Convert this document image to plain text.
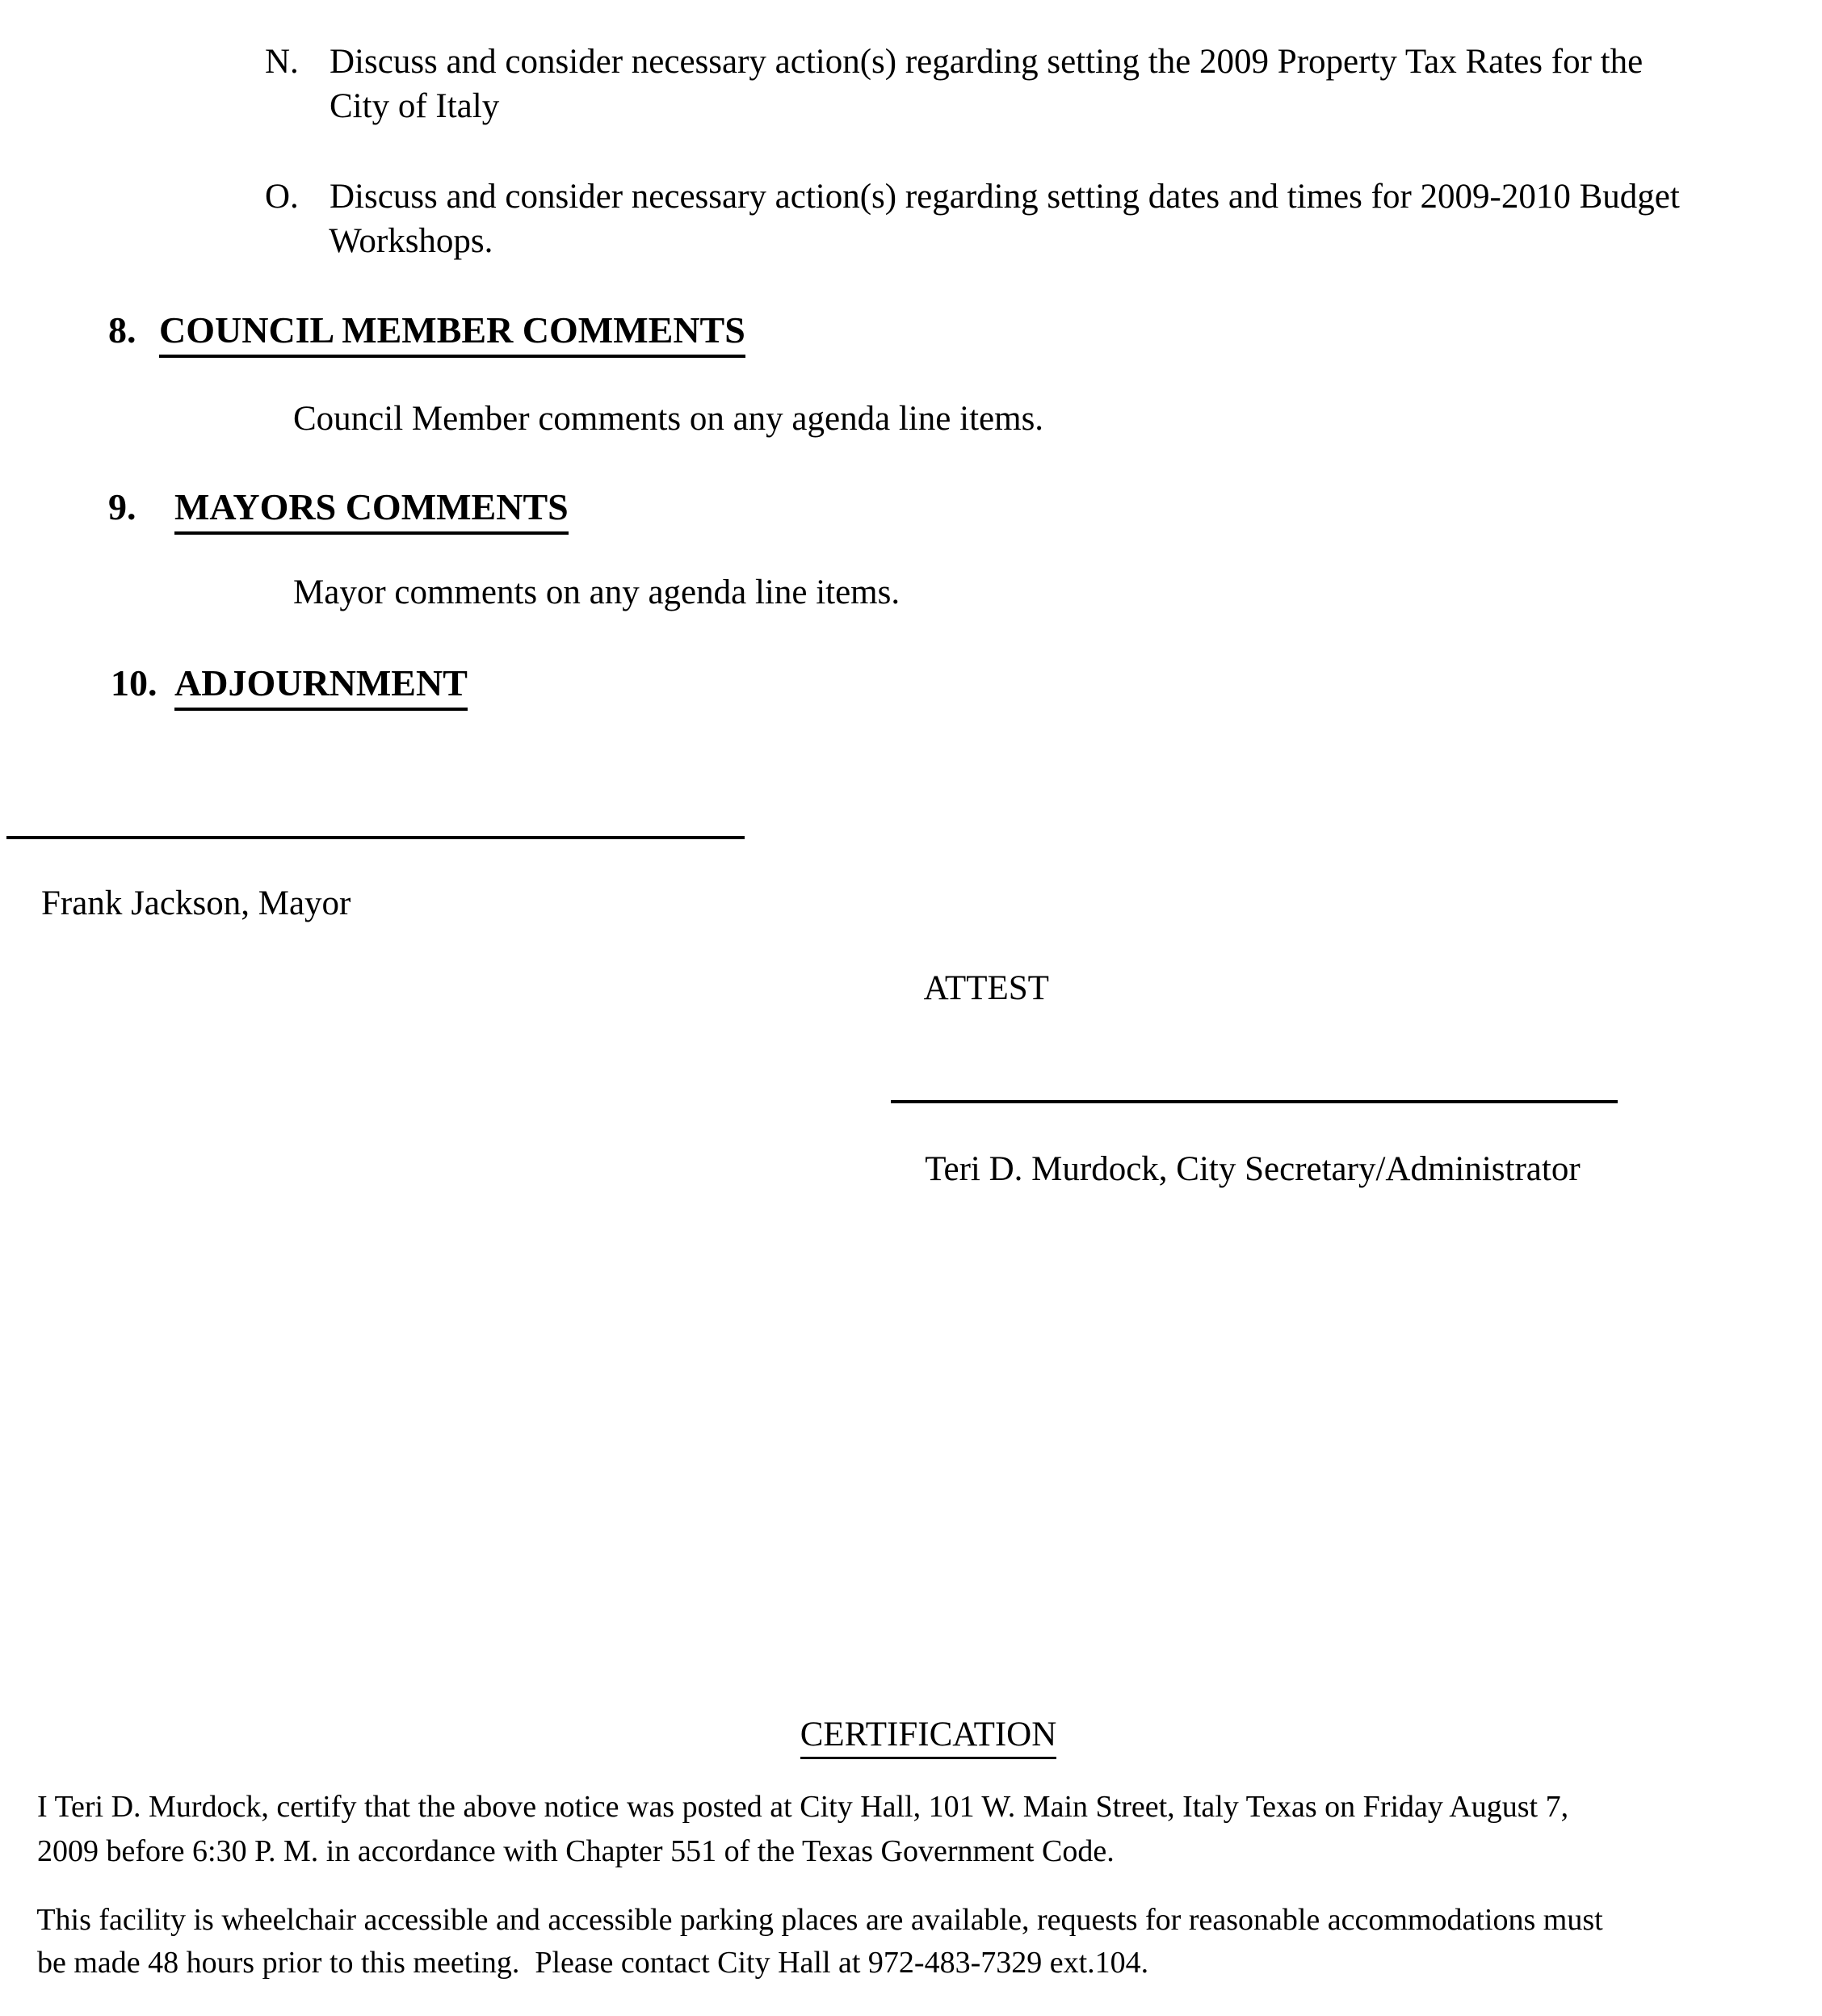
N. Discuss and consider necessary action(s) regarding setting the 2009 Property Tax Rates for the

City of Italy

O. Discuss and consider necessary action(s) regarding setting dates and times for 2009-2010 Budget

Workshops.

8. COUNCIL MEMBER COMMENTS

Council Member comments on any agenda line items.

9. MAYORS COMMENTS

Mayor comments on any agenda line items.

10. ADJOURNMENT

Frank Jackson, Mayor

ATTEST

Teri D. Murdock, City Secretary/Administrator

CERTIFICATION

I Teri D. Murdock, certify that the above notice was posted at City Hall, 101 W. Main Street, Italy Texas on Friday August 7,

2009 before 6:30 P. M. in accordance with Chapter 551 of the Texas Government Code.

This facility is wheelchair accessible and accessible parking places are available, requests for reasonable accommodations must

be made 48 hours prior to this meeting.  Please contact City Hall at 972-483-7329 ext.104.
